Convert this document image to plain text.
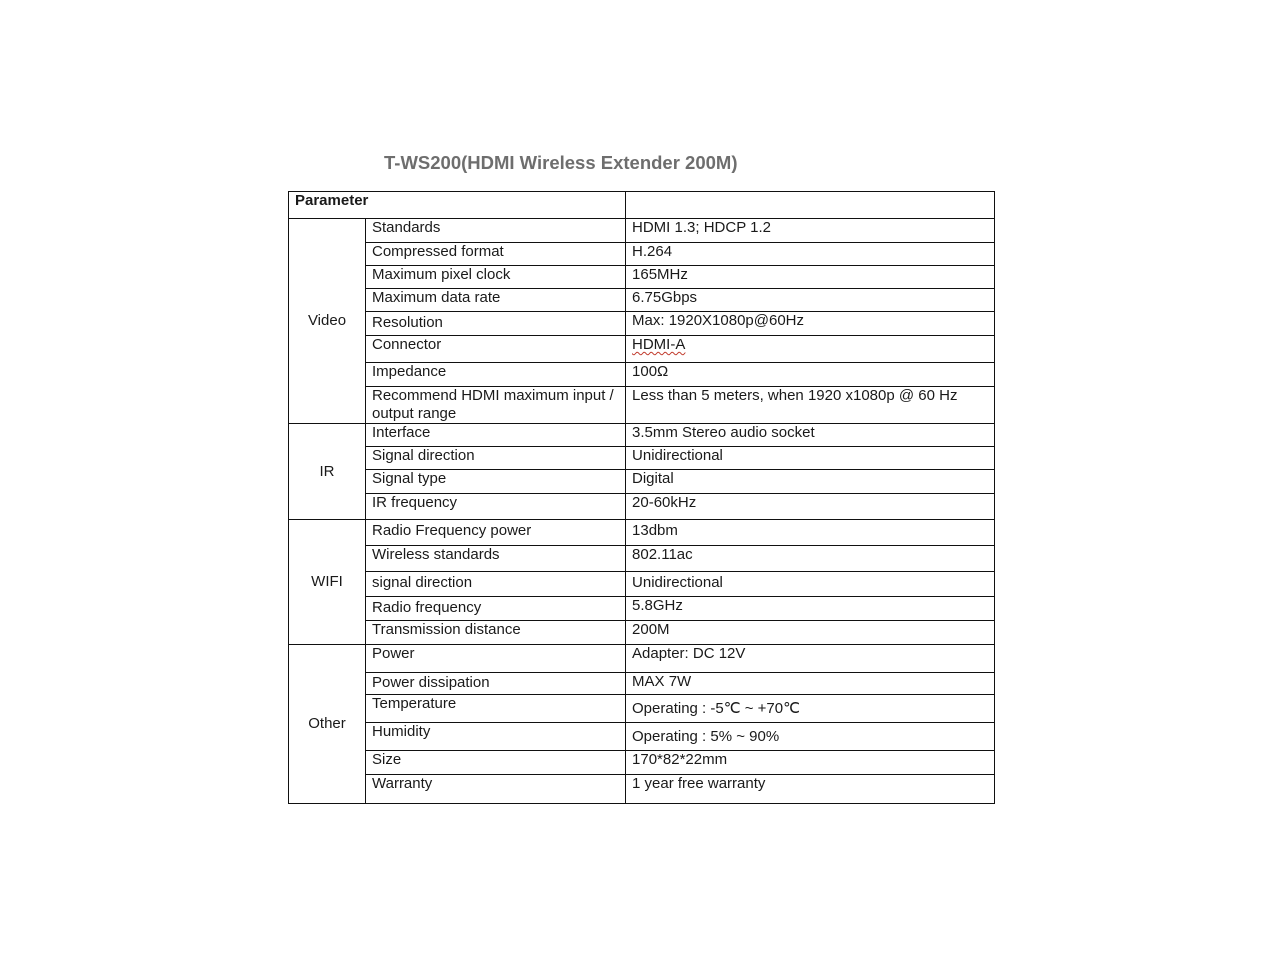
T-WS200(HDMI Wireless Extender 200M)
Parameter		
Video	Standards	HDMI 1.3; HDCP 1.2
	Compressed format	H.264
	Maximum pixel clock	165MHz
	Maximum data rate	6.75Gbps
	Resolution	Max: 1920X1080p@60Hz
	Connector	HDMI-A
	Impedance	100Ω
	Recommend HDMI maximum input / output range	Less than 5 meters, when 1920 x1080p @ 60 Hz
IR	Interface	3.5mm Stereo audio socket
	Signal direction	Unidirectional
	Signal type	Digital
	IR frequency	20-60kHz
WIFI	Radio Frequency power	13dbm
	Wireless standards	802.11ac
	signal direction	Unidirectional
	Radio frequency	5.8GHz
	Transmission distance	200M
Other	Power	Adapter: DC 12V
	Power dissipation	MAX 7W
	Temperature	Operating : -5℃ ~ +70℃
	Humidity	Operating : 5% ~ 90%
	Size	170*82*22mm
	Warranty	1 year free warranty
